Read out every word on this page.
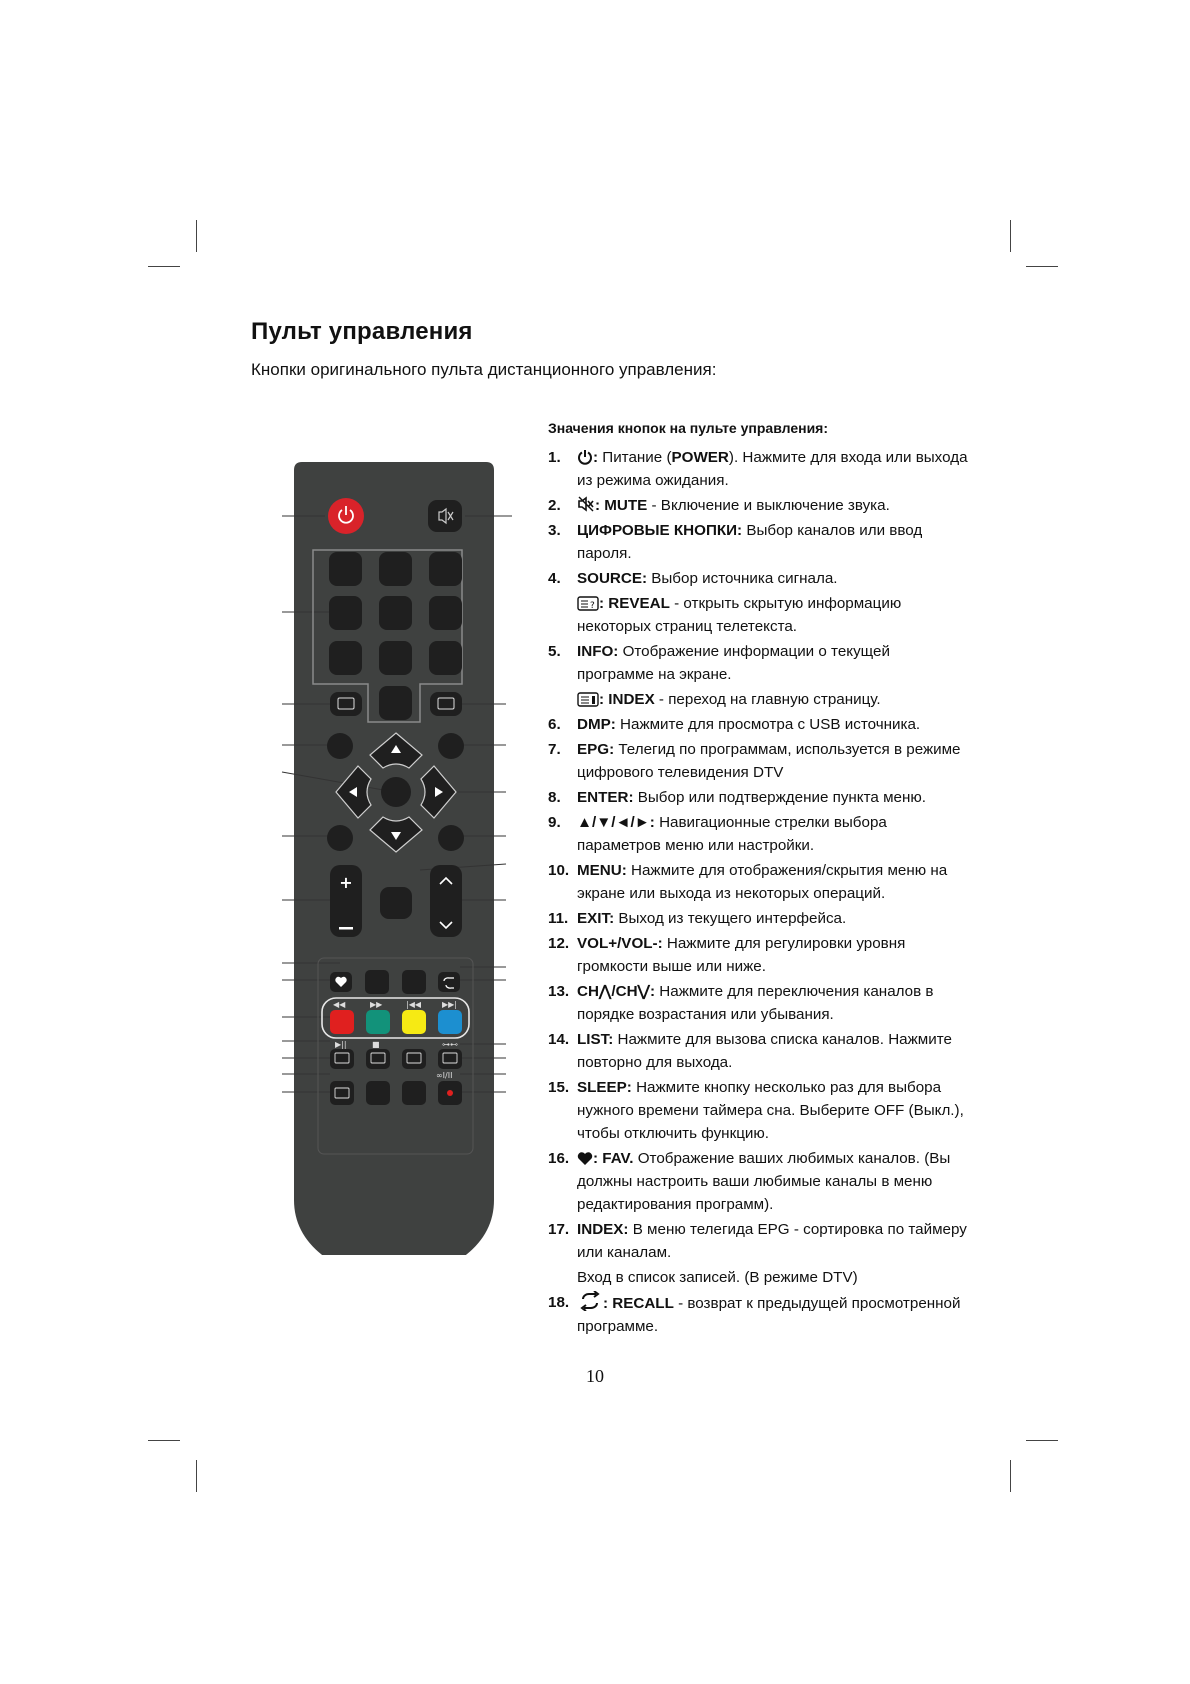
Пульт управления
Кнопки оригинального пульта дистанционного управления:
Значения кнопок на пульте управления:
1. : Питание (POWER). Нажмите для входа или выхода из режима ожидания.
2. : MUTE - Включение и выключение звука.
3. ЦИФРОВЫЕ КНОПКИ: Выбор каналов или ввод пароля.
4. SOURCE: Выбор источника сигнала.
? : REVEAL - открыть скрытую информацию некоторых страниц телетекста.
5. INFO: Отображение информации о текущей программе на экране.
: INDEX - переход на главную страницу.
6. DMP: Нажмите для просмотра с USB источника.
7. EPG: Телегид по программам, используется в режиме цифрового телевидения DTV
8. ENTER: Выбор или подтверждение пункта меню.
9. ▲/▼/◄/►: Навигационные стрелки выбора параметров меню или настройки.
10. MENU: Нажмите для отображения/скрытия меню на экране или выхода из некоторых операций.
11. EXIT: Выход из текущего интерфейса.
12. VOL+/VOL-: Нажмите для регулировки уровня громкости выше или ниже.
13. CH⋀/CH⋁: Нажмите для переключения каналов в порядке возрастания или убывания.
14. LIST: Нажмите для вызова списка каналов. Нажмите повторно для выхода.
15. SLEEP: Нажмите кнопку несколько раз для выбора нужного времени таймера сна. Выберите OFF (Выкл.), чтобы отключить функцию.
16. : FAV. Отображение ваших любимых каналов. (Вы должны настроить ваши любимые каналы в меню редактирования программ).
17. INDEX: В меню телегида EPG - сортировка по таймеру или каналам.
Вход в список записей. (В режиме DTV)
18. : RECALL - возврат к предыдущей просмотренной программе.
+
◀◀	▶▶	|◀◀	▶▶|
▶||	■	⊶⊷
∞I/II
10
